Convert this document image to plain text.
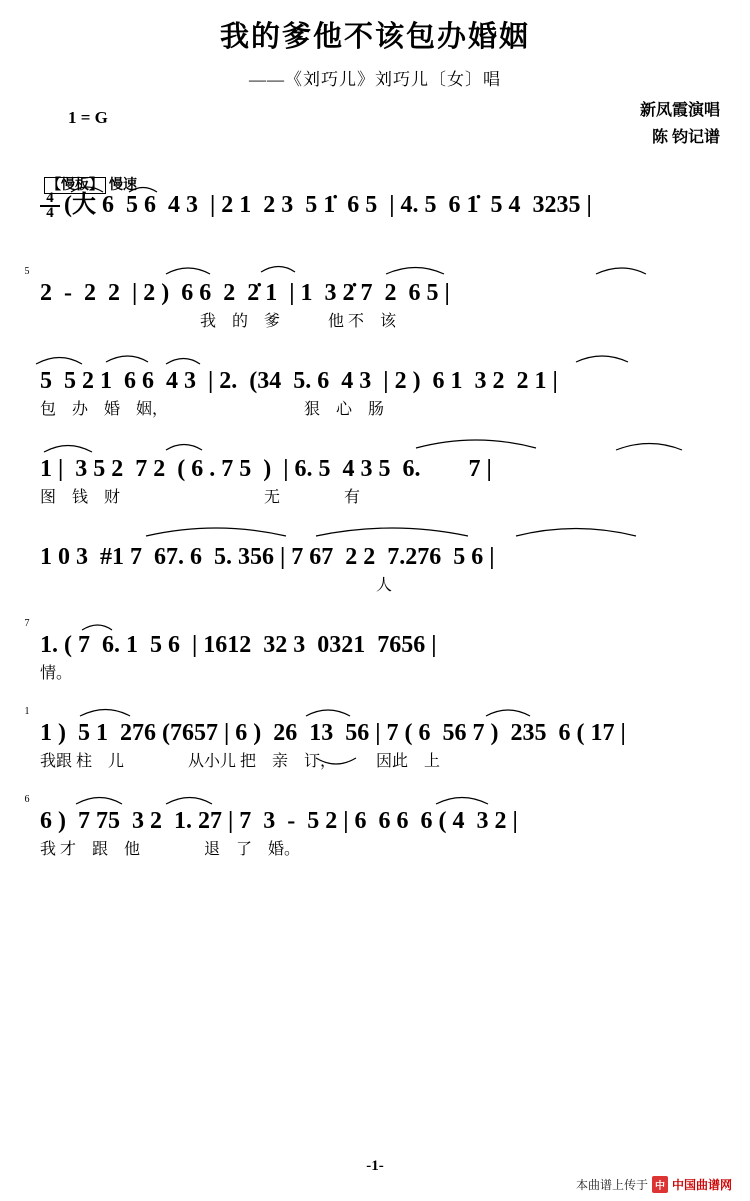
我的爹他不该包办婚姻
——《刘巧儿》刘巧儿〔女〕唱
1 = G	新凤霞演唱
陈 钧记谱
【慢板】 慢速
4
4 (大 6  5 6  4 3  | 2 1  2 3  5 1̇  6 5  | 4. 5  6 1̇  5 4  3235 |
5
2  -  2  2  | 2 )  6 6  2  2̇ 1  | 1  3 2̇ 7  2  6 5 |
　　　　　　　　　　我　的　爹　　　他 不　该
5  5 2 1  6 6  4 3  | 2.  (34  5. 6  4 3  | 2 )  6 1  3 2  2 1 |
包　办　婚　姻，　　　　　　　　　狠　心　肠
1 |  3 5 2  7 2  ( 6 . 7 5  )  | 6. 5  4 3 5  6.　　7 |
图　钱　财　　　　　　　　　无　　　　有
1 0 3  #1 7  67. 6  5. 356 | 7 67  2 2  7.276  5 6 |
　　　　　　　　　　　　　　　　　　　　　人
7
1. ( 7  6. 1  5 6  | 1612  32 3  0321  7656 |
情。
1
1 )  5 1  276 (7657 | 6 )  26  13  56 | 7 ( 6  56 7 )  235  6 ( 17 |
我跟 柱　儿　　　　从小儿 把　亲　订，　　　因此　上
6
6 )  7 75  3 2  1. 27 | 7  3  -  5 2 | 6  6 6  6 ( 4  3 2 |
我 才　跟　他　　　　退　了　婚。
-1-
本曲谱上传于 中 中国曲谱网
